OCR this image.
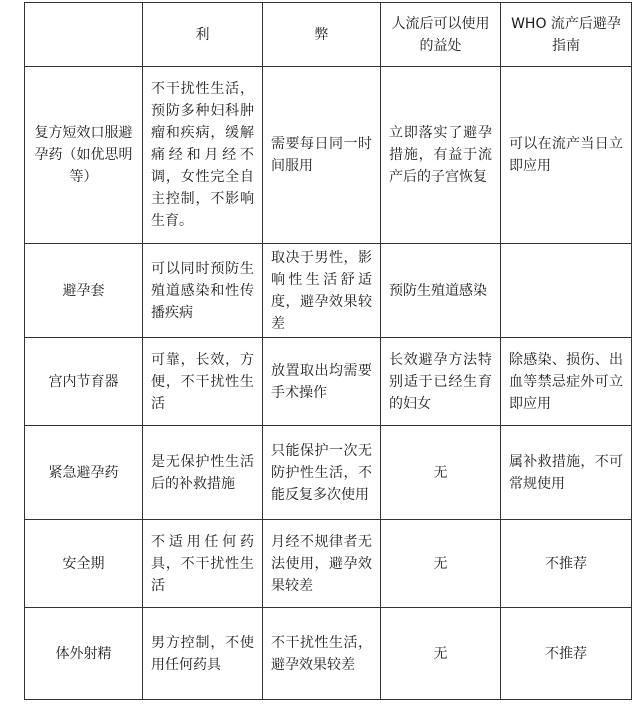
	利	弊	人流后可以使用的益处	WHO 流产后避孕指南
复方短效口服避孕药（如优思明等）	不干扰性生活，预防多种妇科肿瘤和疾病，缓解痛经和月经不调，女性完全自主控制，不影响生育。	需要每日同一时间服用	立即落实了避孕措施，有益于流产后的子宫恢复	可以在流产当日立即应用
避孕套	可以同时预防生殖道感染和性传播疾病	取决于男性，影响性生活舒适度，避孕效果较差	预防生殖道感染	
宫内节育器	可靠，长效，方便，不干扰性生活	放置取出均需要手术操作	长效避孕方法特别适于已经生育的妇女	除感染、损伤、出血等禁忌症外可立即应用
紧急避孕药	是无保护性生活后的补救措施	只能保护一次无防护性生活，不能反复多次使用	无	属补救措施，不可常规使用
安全期	不适用任何药具，不干扰性生活	月经不规律者无法使用，避孕效果较差	无	不推荐
体外射精	男方控制，不使用任何药具	不干扰性生活，避孕效果较差	无	不推荐
